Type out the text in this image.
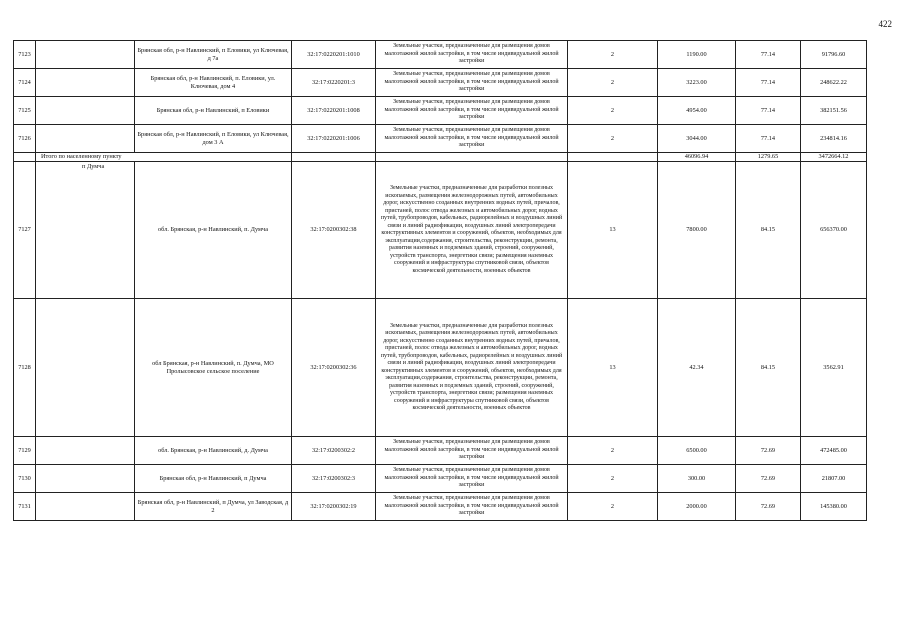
422
7123		Брянская обл, р-н Навлинский, п Еловики, ул Ключевая, д 7а	32:17:0220201:1010	Земельные участки, предназначенные для размещения домов малоэтажной жилой застройки, в том числе индивидуальной жилой застройки	2	1190.00	77.14	91796.60
7124		Брянская обл, р-н Навлинский, п. Еловики, ул. Ключевая, дом 4	32:17:0220201:3	Земельные участки, предназначенные для размещения домов малоэтажной жилой застройки, в том числе индивидуальной жилой застройки	2	3223.00	77.14	248622.22
7125		Брянская обл, р-н Навлинский, п Еловики	32:17:0220201:1008	Земельные участки, предназначенные для размещения домов малоэтажной жилой застройки, в том числе индивидуальной жилой застройки	2	4954.00	77.14	382151.56
7126		Брянская обл, р-н Навлинский, п Еловики, ул Ключевая, дом 3 А	32:17:0220201:1006	Земельные участки, предназначенные для размещения домов малоэтажной жилой застройки, в том числе индивидуальной жилой застройки	2	3044.00	77.14	234814.16
	Итого по населенному пункту					46096.94	1279.65	3472664.12
7127	п Думча	обл. Брянская, р-н Навлинский, п. Думча	32:17:0200302:38	Земельные участки, предназначенные для разработки полезных ископаемых, размещения железнодорожных путей, автомобильных дорог, искусственно созданных внутренних водных путей, причалов, пристаней, полос отвода железных и автомобильных дорог, водных путей, трубопроводов, кабельных, радиорелейных и воздушных линий связи и линий радиофикации, воздушных линий электропередачи конструктивных элементов и сооружений, объектов, необходимых для эксплуатации,содержания, строительства, реконструкции, ремонта, развития наземных и подземных зданий, строений, сооружений, устройств транспорта, энергетики связи; размещения наземных сооружений и инфраструктуры спутниковой связи, объектов космической деятельности, военных объектов	13	7800.00	84.15	656370.00
7128		обл Брянская, р-н Навлинский, п. Думча, МО Пролысовское сельское поселение	32:17:0200302:36	Земельные участки, предназначенные для разработки полезных ископаемых, размещения железнодорожных путей, автомобильных дорог, искусственно созданных внутренних водных путей, причалов, пристаней, полос отвода железных и автомобильных дорог, водных путей, трубопроводов, кабельных, радиорелейных и воздушных линий связи и линий радиофикации, воздушных линий электропередачи конструктивных элементов и сооружений, объектов, необходимых для эксплуатации,содержания, строительства, реконструкции, ремонта, развития наземных и подземных зданий, строений, сооружений, устройств транспорта, энергетики связи; размещения наземных сооружений и инфраструктуры спутниковой связи, объектов космической деятельности, военных объектов	13	42.34	84.15	3562.91
7129		обл. Брянская, р-н Навлинский, д. Думча	32:17:0200302:2	Земельные участки, предназначенные для размещения домов малоэтажной жилой застройки, в том числе индивидуальной жилой застройки	2	6500.00	72.69	472485.00
7130		Брянская обл, р-н Навлинский, п Думча	32:17:0200302:3	Земельные участки, предназначенные для размещения домов малоэтажной жилой застройки, в том числе индивидуальной жилой застройки	2	300.00	72.69	21807.00
7131		Брянская обл, р-н Навлинский, п Думча, ул Заводская, д 2	32:17:0200302:19	Земельные участки, предназначенные для размещения домов малоэтажной жилой застройки, в том числе индивидуальной жилой застройки	2	2000.00	72.69	145380.00
